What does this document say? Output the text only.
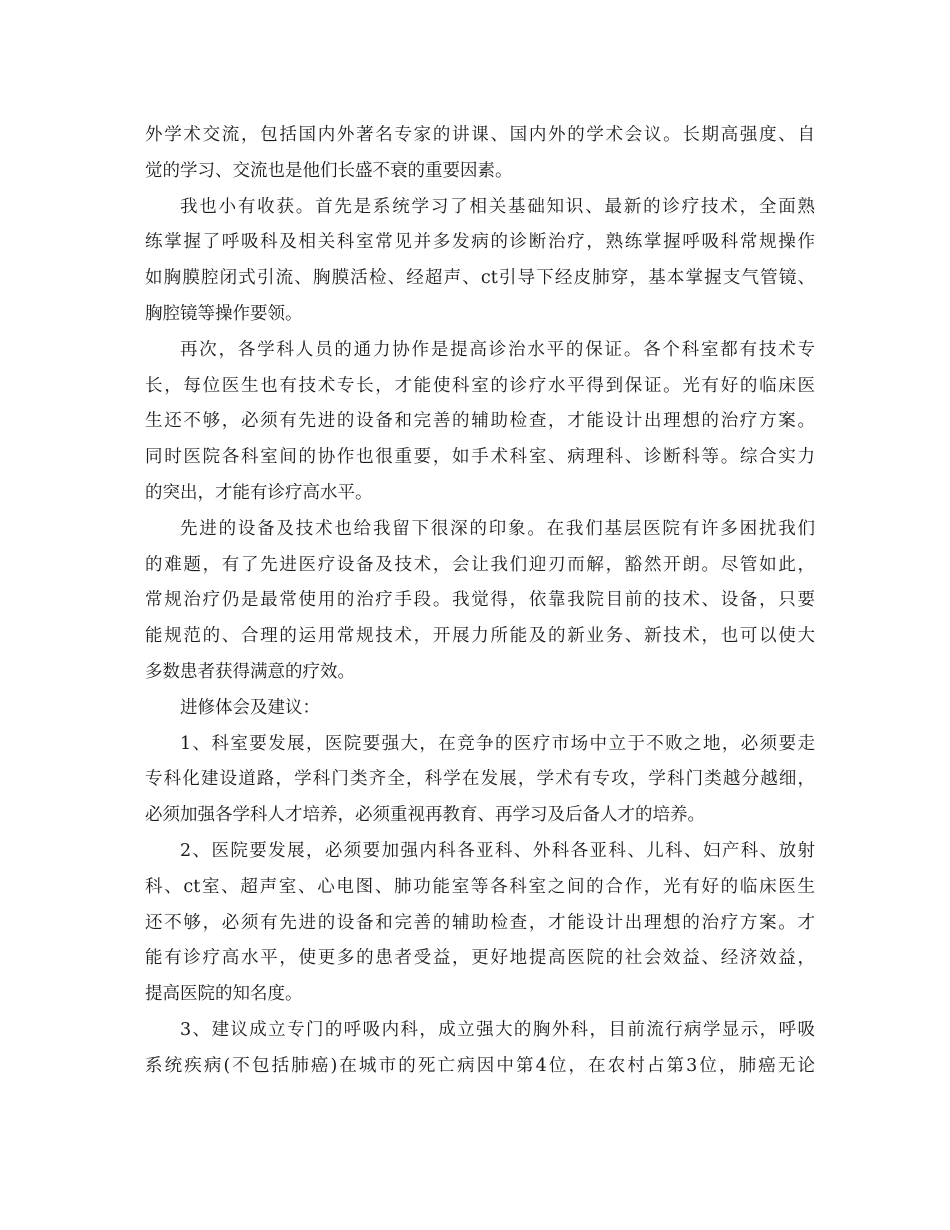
外学术交流，包括国内外著名专家的讲课、国内外的学术会议。长期高强度、自
觉的学习、交流也是他们长盛不衰的重要因素。
我也小有收获。首先是系统学习了相关基础知识、最新的诊疗技术，全面熟
练掌握了呼吸科及相关科室常见并多发病的诊断治疗，熟练掌握呼吸科常规操作
如胸膜腔闭式引流、胸膜活检、经超声、ct引导下经皮肺穿，基本掌握支气管镜、
胸腔镜等操作要领。
再次，各学科人员的通力协作是提高诊治水平的保证。各个科室都有技术专
长，每位医生也有技术专长，才能使科室的诊疗水平得到保证。光有好的临床医
生还不够，必须有先进的设备和完善的辅助检查，才能设计出理想的治疗方案。
同时医院各科室间的协作也很重要，如手术科室、病理科、诊断科等。综合实力
的突出，才能有诊疗高水平。
先进的设备及技术也给我留下很深的印象。在我们基层医院有许多困扰我们
的难题，有了先进医疗设备及技术，会让我们迎刃而解，豁然开朗。尽管如此，
常规治疗仍是最常使用的治疗手段。我觉得，依靠我院目前的技术、设备，只要
能规范的、合理的运用常规技术，开展力所能及的新业务、新技术，也可以使大
多数患者获得满意的疗效。
进修体会及建议：
1、科室要发展，医院要强大，在竞争的医疗市场中立于不败之地，必须要走
专科化建设道路，学科门类齐全，科学在发展，学术有专攻，学科门类越分越细，
必须加强各学科人才培养，必须重视再教育、再学习及后备人才的培养。
2、医院要发展，必须要加强内科各亚科、外科各亚科、儿科、妇产科、放射
科、ct室、超声室、心电图、肺功能室等各科室之间的合作，光有好的临床医生
还不够，必须有先进的设备和完善的辅助检查，才能设计出理想的治疗方案。才
能有诊疗高水平，使更多的患者受益，更好地提高医院的社会效益、经济效益，
提高医院的知名度。
3、建议成立专门的呼吸内科，成立强大的胸外科，目前流行病学显示，呼吸
系统疾病(不包括肺癌)在城市的死亡病因中第4位，在农村占第3位，肺癌无论
